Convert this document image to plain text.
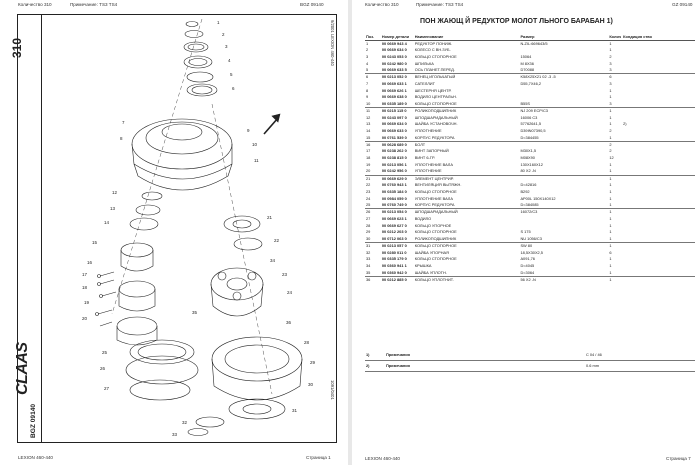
Количество 310	Примечание: TS3 TS4	BGZ 09140
310
CLAAS
BGZ 09140
9/2001 LEXION 460-440
1091/0401
1
2
3
4
5
6
7
8
9
10
11
12
13
14
15
16
17
18
19
20
21
22
23
24
25
26
27
28
29
30
31
32
33
34
35
36
LEXION 460-440	Страница 1
Количество 310	Примечание: TS3 TS4	GZ 09140
LEXION 460-440	Страница 7
ПОН ЖАЮЩ Й РЕДУКТОР МОЛОТ ЛЬНОГО БАРАБАН 1)
Поз.	Номер детали	Наименование	Размер	Колич	Кондиция ство
1	00 0669 943 4	РЕДУКТОР ПОНИЖ.	N-ZIL:669643/5	1	
2	00 0669 634 0	КОЛЕСО С ВН.ЗУБ.		1	
3	00 0243 053 0	КОЛЬЦО СТОПОРНОЕ	15064	2	
4	00 0242 980 0	ШПИЛЬКА	M 8X36	3	
5	00 0669 633 5	ОСЬ ПЛАНЕТ.ПЕРЕД.	D70088	3	
6	00 0213 052 0	ВЕНЕЦ ИГОЛЬЧАТЫЙ	K58X25X21 02 -3 -5	6	
7	00 0669 633 1	САТЕЛЛИТ	D55,7X46,2	3	
8	00 0669 626 1	ШЕСТЕРНЯ ЦЕНТР.		1	
9	00 0669 638 0	ВОДИЛО ЦЕНТРАЛЬН.		1	
10	00 0335 189 0	КОЛЬЦО СТОПОРНОЕ	B55S	3	
11	00 0215 115 0	РОЛИКОПОДШИПНИК	NJ 209 ECP/C3	1	
12	00 0243 097 0	ШПОДШАРИДАЛЬНЫЙ	16006 C3	1	
13	00 0669 634 0	ШАЙБА УСТАНОВОЧН.	57762641,5	1	2)
14	00 0669 633 0	УПЛОТНЕНИЕ	D39IN07390,5	2	
15	00 0761 539 0	КОРПУС РЕДУКТОРА	D=384455	1	
16	00 0628 689 0	БОЛТ		2	
17	00 0238 262 0	ВИНТ ЗАПОРНЫЙ	M30X1,5	2	
18	00 0238 815 0	ВИНТ 6-ГР.	M08X90	12	
19	00 0213 056 1	УПЛОТНЕНИЕ ВАЛА	130X160X12	1	
20	00 0242 956 0	УПЛОТНЕНИЕ	80 X2 -N	1	
21	00 0669 629 0	ЭЛЕМЕНТ ЦЕНТРИР.		1	
22	00 0760 943 1	ВЕНТИЛЯЦИЯ ВЫТЯЖН.	D=42816	1	
23	00 0335 184 0	КОЛЬЦО СТОПОРНОЕ	B292	1	
24	00 0984 059 0	УПЛОТНЕНИЕ ВАЛА	AP00L 150X140X12	1	
25	00 0760 749 0	КОРПУС РЕДУКТОРА	D=384085	1	
26	00 0213 054 0	ШПОДШАРИДАЛЬНЫЙ	16072/C3	1	
27	00 0669 623 1	ВОДИЛО		1	
28	00 0669 627 0	КОЛЬЦО УПОРНОЕ		1	
29	00 0212 203 0	КОЛЬЦО СТОПОРНОЕ	S 175	1	
30	00 0712 063 0	РОЛИКОПОДШИПНИК	NU 1056/C3	1	
31	00 0213 057 0	КОЛЬЦО СТОПОРНОЕ	SW 80	1	
32	00 0280 011 0	ШАЙБА УПОРНАЯ	18,5X30X2,5	6	
33	00 0335 179 0	КОЛЬЦО СТОПОРНОЕ	A091,76	1	
34	00 0360 941 1	КРЫШКА	D=4045	1	
35	00 0360 942 0	ШАЙБА УПЛОТН.	D=3064	1	
36	00 0212 885 0	КОЛЬЦО УПЛОТНИТ.	56 X2 -N	1	
1)	Примечания	C 04 / 46
2)	Примечания	0.6 mm
